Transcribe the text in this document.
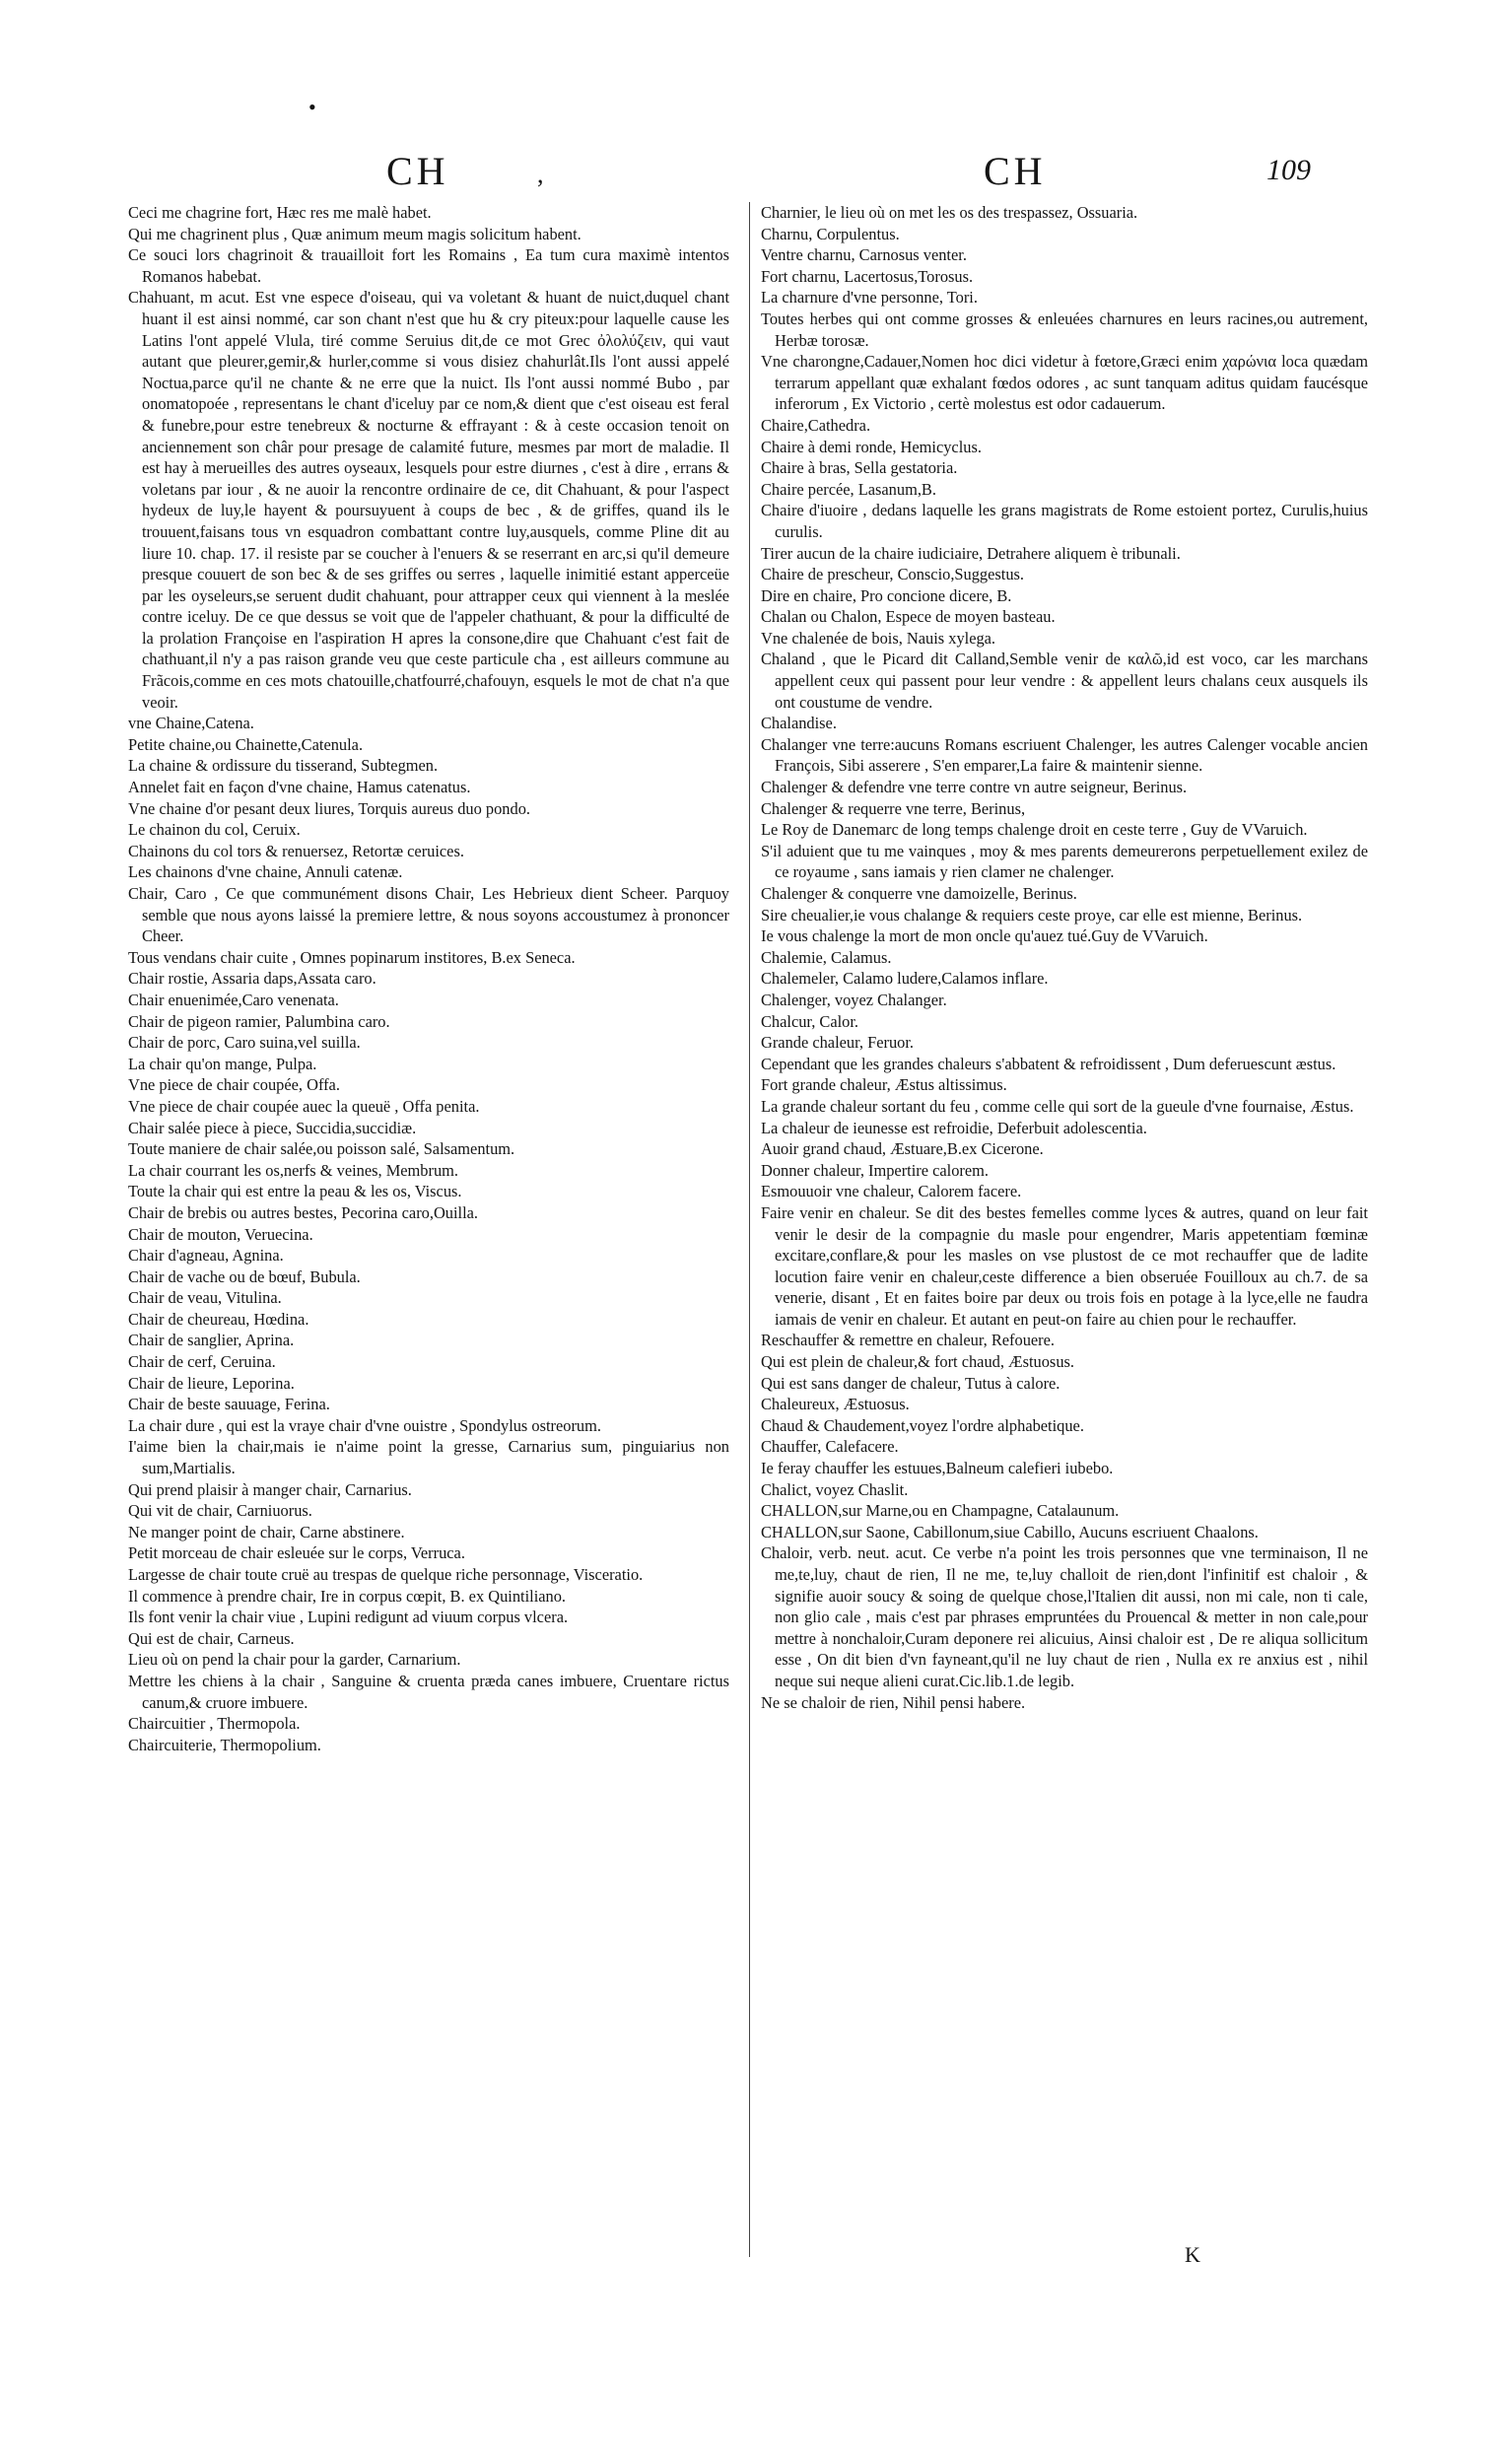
•
CH	,	CH	109

Ceci me chagrine fort, Hæc res me malè habet.

Qui me chagrinent plus , Quæ animum meum magis solicitum habent.

Ce souci lors chagrinoit & trauailloit fort les Romains , Ea tum cura maximè intentos Romanos habebat.

Chahuant, m acut. Est vne espece d'oiseau, qui va voletant & huant de nuict,duquel chant huant il est ainsi nommé, car son chant n'est que hu & cry piteux:pour laquelle cause les Latins l'ont appelé Vlula, tiré comme Seruius dit,de ce mot Grec ὀλολύζειν, qui vaut autant que pleurer,gemir,& hurler,comme si vous disiez chahurlât.Ils l'ont aussi appelé Noctua,parce qu'il ne chante & ne erre que la nuict. Ils l'ont aussi nommé Bubo , par onomatopoée , representans le chant d'iceluy par ce nom,& dient que c'est oiseau est feral & funebre,pour estre tenebreux & nocturne & effrayant : & à ceste occasion tenoit on anciennement son châr pour presage de calamité future, mesmes par mort de maladie. Il est hay à merueilles des autres oyseaux, lesquels pour estre diurnes , c'est à dire , errans & voletans par iour , & ne auoir la rencontre ordinaire de ce, dit Chahuant, & pour l'aspect hydeux de luy,le hayent & poursuyuent à coups de bec , & de griffes, quand ils le trouuent,faisans tous vn esquadron combattant contre luy,ausquels, comme Pline dit au liure 10. chap. 17. il resiste par se coucher à l'enuers & se reserrant en arc,si qu'il demeure presque couuert de son bec & de ses griffes ou serres , laquelle inimitié estant apperceüe par les oyseleurs,se seruent dudit chahuant, pour attrapper ceux qui viennent à la meslée contre iceluy. De ce que dessus se voit que de l'appeler chathuant, & pour la difficulté de la prolation Françoise en l'aspiration H apres la consone,dire que Chahuant c'est fait de chathuant,il n'y a pas raison grande veu que ceste particule cha , est ailleurs commune au Frãcois,comme en ces mots chatouille,chatfourré,chafouyn, esquels le mot de chat n'a que veoir.

vne Chaine,Catena.

Petite chaine,ou Chainette,Catenula.

La chaine & ordissure du tisserand, Subtegmen.

Annelet fait en façon d'vne chaine, Hamus catenatus.

Vne chaine d'or pesant deux liures, Torquis aureus duo pondo.

Le chainon du col, Ceruix.

Chainons du col tors & renuersez, Retortæ ceruices.

Les chainons d'vne chaine, Annuli catenæ.

Chair, Caro , Ce que communément disons Chair, Les Hebrieux dient Scheer. Parquoy semble que nous ayons laissé la premiere lettre, & nous soyons accoustumez à prononcer Cheer.

Tous vendans chair cuite , Omnes popinarum institores, B.ex Seneca.

Chair rostie, Assaria daps,Assata caro.

Chair enuenimée,Caro venenata.

Chair de pigeon ramier, Palumbina caro.

Chair de porc, Caro suina,vel suilla.

La chair qu'on mange, Pulpa.

Vne piece de chair coupée, Offa.

Vne piece de chair coupée auec la queuë , Offa penita.

Chair salée piece à piece, Succidia,succidiæ.

Toute maniere de chair salée,ou poisson salé, Salsamentum.

La chair courrant les os,nerfs & veines, Membrum.

Toute la chair qui est entre la peau & les os, Viscus.

Chair de brebis ou autres bestes, Pecorina caro,Ouilla.

Chair de mouton, Veruecina.

Chair d'agneau, Agnina.

Chair de vache ou de bœuf, Bubula.

Chair de veau, Vitulina.

Chair de cheureau, Hœdina.

Chair de sanglier, Aprina.

Chair de cerf, Ceruina.

Chair de lieure, Leporina.

Chair de beste sauuage, Ferina.

La chair dure , qui est la vraye chair d'vne ouistre , Spondylus ostreorum.

I'aime bien la chair,mais ie n'aime point la gresse, Carnarius sum, pinguiarius non sum,Martialis.

Qui prend plaisir à manger chair, Carnarius.

Qui vit de chair, Carniuorus.

Ne manger point de chair, Carne abstinere.

Petit morceau de chair esleuée sur le corps, Verruca.

Largesse de chair toute cruë au trespas de quelque riche personnage, Visceratio.

Il commence à prendre chair, Ire in corpus cœpit, B. ex Quintiliano.

Ils font venir la chair viue , Lupini redigunt ad viuum corpus vlcera.

Qui est de chair, Carneus.

Lieu où on pend la chair pour la garder, Carnarium.

Mettre les chiens à la chair , Sanguine & cruenta præda canes imbuere, Cruentare rictus canum,& cruore imbuere.

Chaircuitier , Thermopola.

Chaircuiterie, Thermopolium.

Charnier, le lieu où on met les os des trespassez, Ossuaria.

Charnu, Corpulentus.

Ventre charnu, Carnosus venter.

Fort charnu, Lacertosus,Torosus.

La charnure d'vne personne, Tori.

Toutes herbes qui ont comme grosses & enleuées charnures en leurs racines,ou autrement, Herbæ torosæ.

Vne charongne,Cadauer,Nomen hoc dici videtur à fœtore,Græci enim χαρώνια loca quædam terrarum appellant quæ exhalant fœdos odores , ac sunt tanquam aditus quidam faucésque inferorum , Ex Victorio , certè molestus est odor cadauerum.

Chaire,Cathedra.

Chaire à demi ronde, Hemicyclus.

Chaire à bras, Sella gestatoria.

Chaire percée, Lasanum,B.

Chaire d'iuoire , dedans laquelle les grans magistrats de Rome estoient portez, Curulis,huius curulis.

Tirer aucun de la chaire iudiciaire, Detrahere aliquem è tribunali.

Chaire de prescheur, Conscio,Suggestus.

Dire en chaire, Pro concione dicere, B.

Chalan ou Chalon, Espece de moyen basteau.

Vne chalenée de bois, Nauis xylega.

Chaland , que le Picard dit Calland,Semble venir de καλῶ,id est voco, car les marchans appellent ceux qui passent pour leur vendre : & appellent leurs chalans ceux ausquels ils ont coustume de vendre.

Chalandise.

Chalanger vne terre:aucuns Romans escriuent Chalenger, les autres Calenger vocable ancien François, Sibi asserere , S'en emparer,La faire & maintenir sienne.

Chalenger & defendre vne terre contre vn autre seigneur, Berinus.

Chalenger & requerre vne terre, Berinus,

Le Roy de Danemarc de long temps chalenge droit en ceste terre , Guy de VVaruich.

S'il aduient que tu me vainques , moy & mes parents demeurerons perpetuellement exilez de ce royaume , sans iamais y rien clamer ne chalenger.

Chalenger & conquerre vne damoizelle, Berinus.

Sire cheualier,ie vous chalange & requiers ceste proye, car elle est mienne, Berinus.

Ie vous chalenge la mort de mon oncle qu'auez tué.Guy de VVaruich.

Chalemie, Calamus.

Chalemeler, Calamo ludere,Calamos inflare.

Chalenger, voyez Chalanger.

Chalcur, Calor.

Grande chaleur, Feruor.

Cependant que les grandes chaleurs s'abbatent & refroidissent , Dum deferuescunt æstus.

Fort grande chaleur, Æstus altissimus.

La grande chaleur sortant du feu , comme celle qui sort de la gueule d'vne fournaise, Æstus.

La chaleur de ieunesse est refroidie, Deferbuit adolescentia.

Auoir grand chaud, Æstuare,B.ex Cicerone.

Donner chaleur, Impertire calorem.

Esmouuoir vne chaleur, Calorem facere.

Faire venir en chaleur. Se dit des bestes femelles comme lyces & autres, quand on leur fait venir le desir de la compagnie du masle pour engendrer, Maris appetentiam fœminæ excitare,conflare,& pour les masles on vse plustost de ce mot rechauffer que de ladite locution faire venir en chaleur,ceste difference a bien obseruée Fouilloux au ch.7. de sa venerie, disant , Et en faites boire par deux ou trois fois en potage à la lyce,elle ne faudra iamais de venir en chaleur. Et autant en peut-on faire au chien pour le rechauffer.

Reschauffer & remettre en chaleur, Refouere.

Qui est plein de chaleur,& fort chaud, Æstuosus.

Qui est sans danger de chaleur, Tutus à calore.

Chaleureux, Æstuosus.

Chaud & Chaudement,voyez l'ordre alphabetique.

Chauffer, Calefacere.

Ie feray chauffer les estuues,Balneum calefieri iubebo.

Chalict, voyez Chaslit.

CHALLON,sur Marne,ou en Champagne, Catalaunum.

CHALLON,sur Saone, Cabillonum,siue Cabillo, Aucuns escriuent Chaalons.

Chaloir, verb. neut. acut. Ce verbe n'a point les trois personnes que vne terminaison, Il ne me,te,luy, chaut de rien, Il ne me, te,luy challoit de rien,dont l'infinitif est chaloir , & signifie auoir soucy & soing de quelque chose,l'Italien dit aussi, non mi cale, non ti cale, non glio cale , mais c'est par phrases empruntées du Prouencal & metter in non cale,pour mettre à nonchaloir,Curam deponere rei alicuius, Ainsi chaloir est , De re aliqua sollicitum esse , On dit bien d'vn fayneant,qu'il ne luy chaut de rien , Nulla ex re anxius est , nihil neque sui neque alieni curat.Cic.lib.1.de legib.

Ne se chaloir de rien, Nihil pensi habere.

K
